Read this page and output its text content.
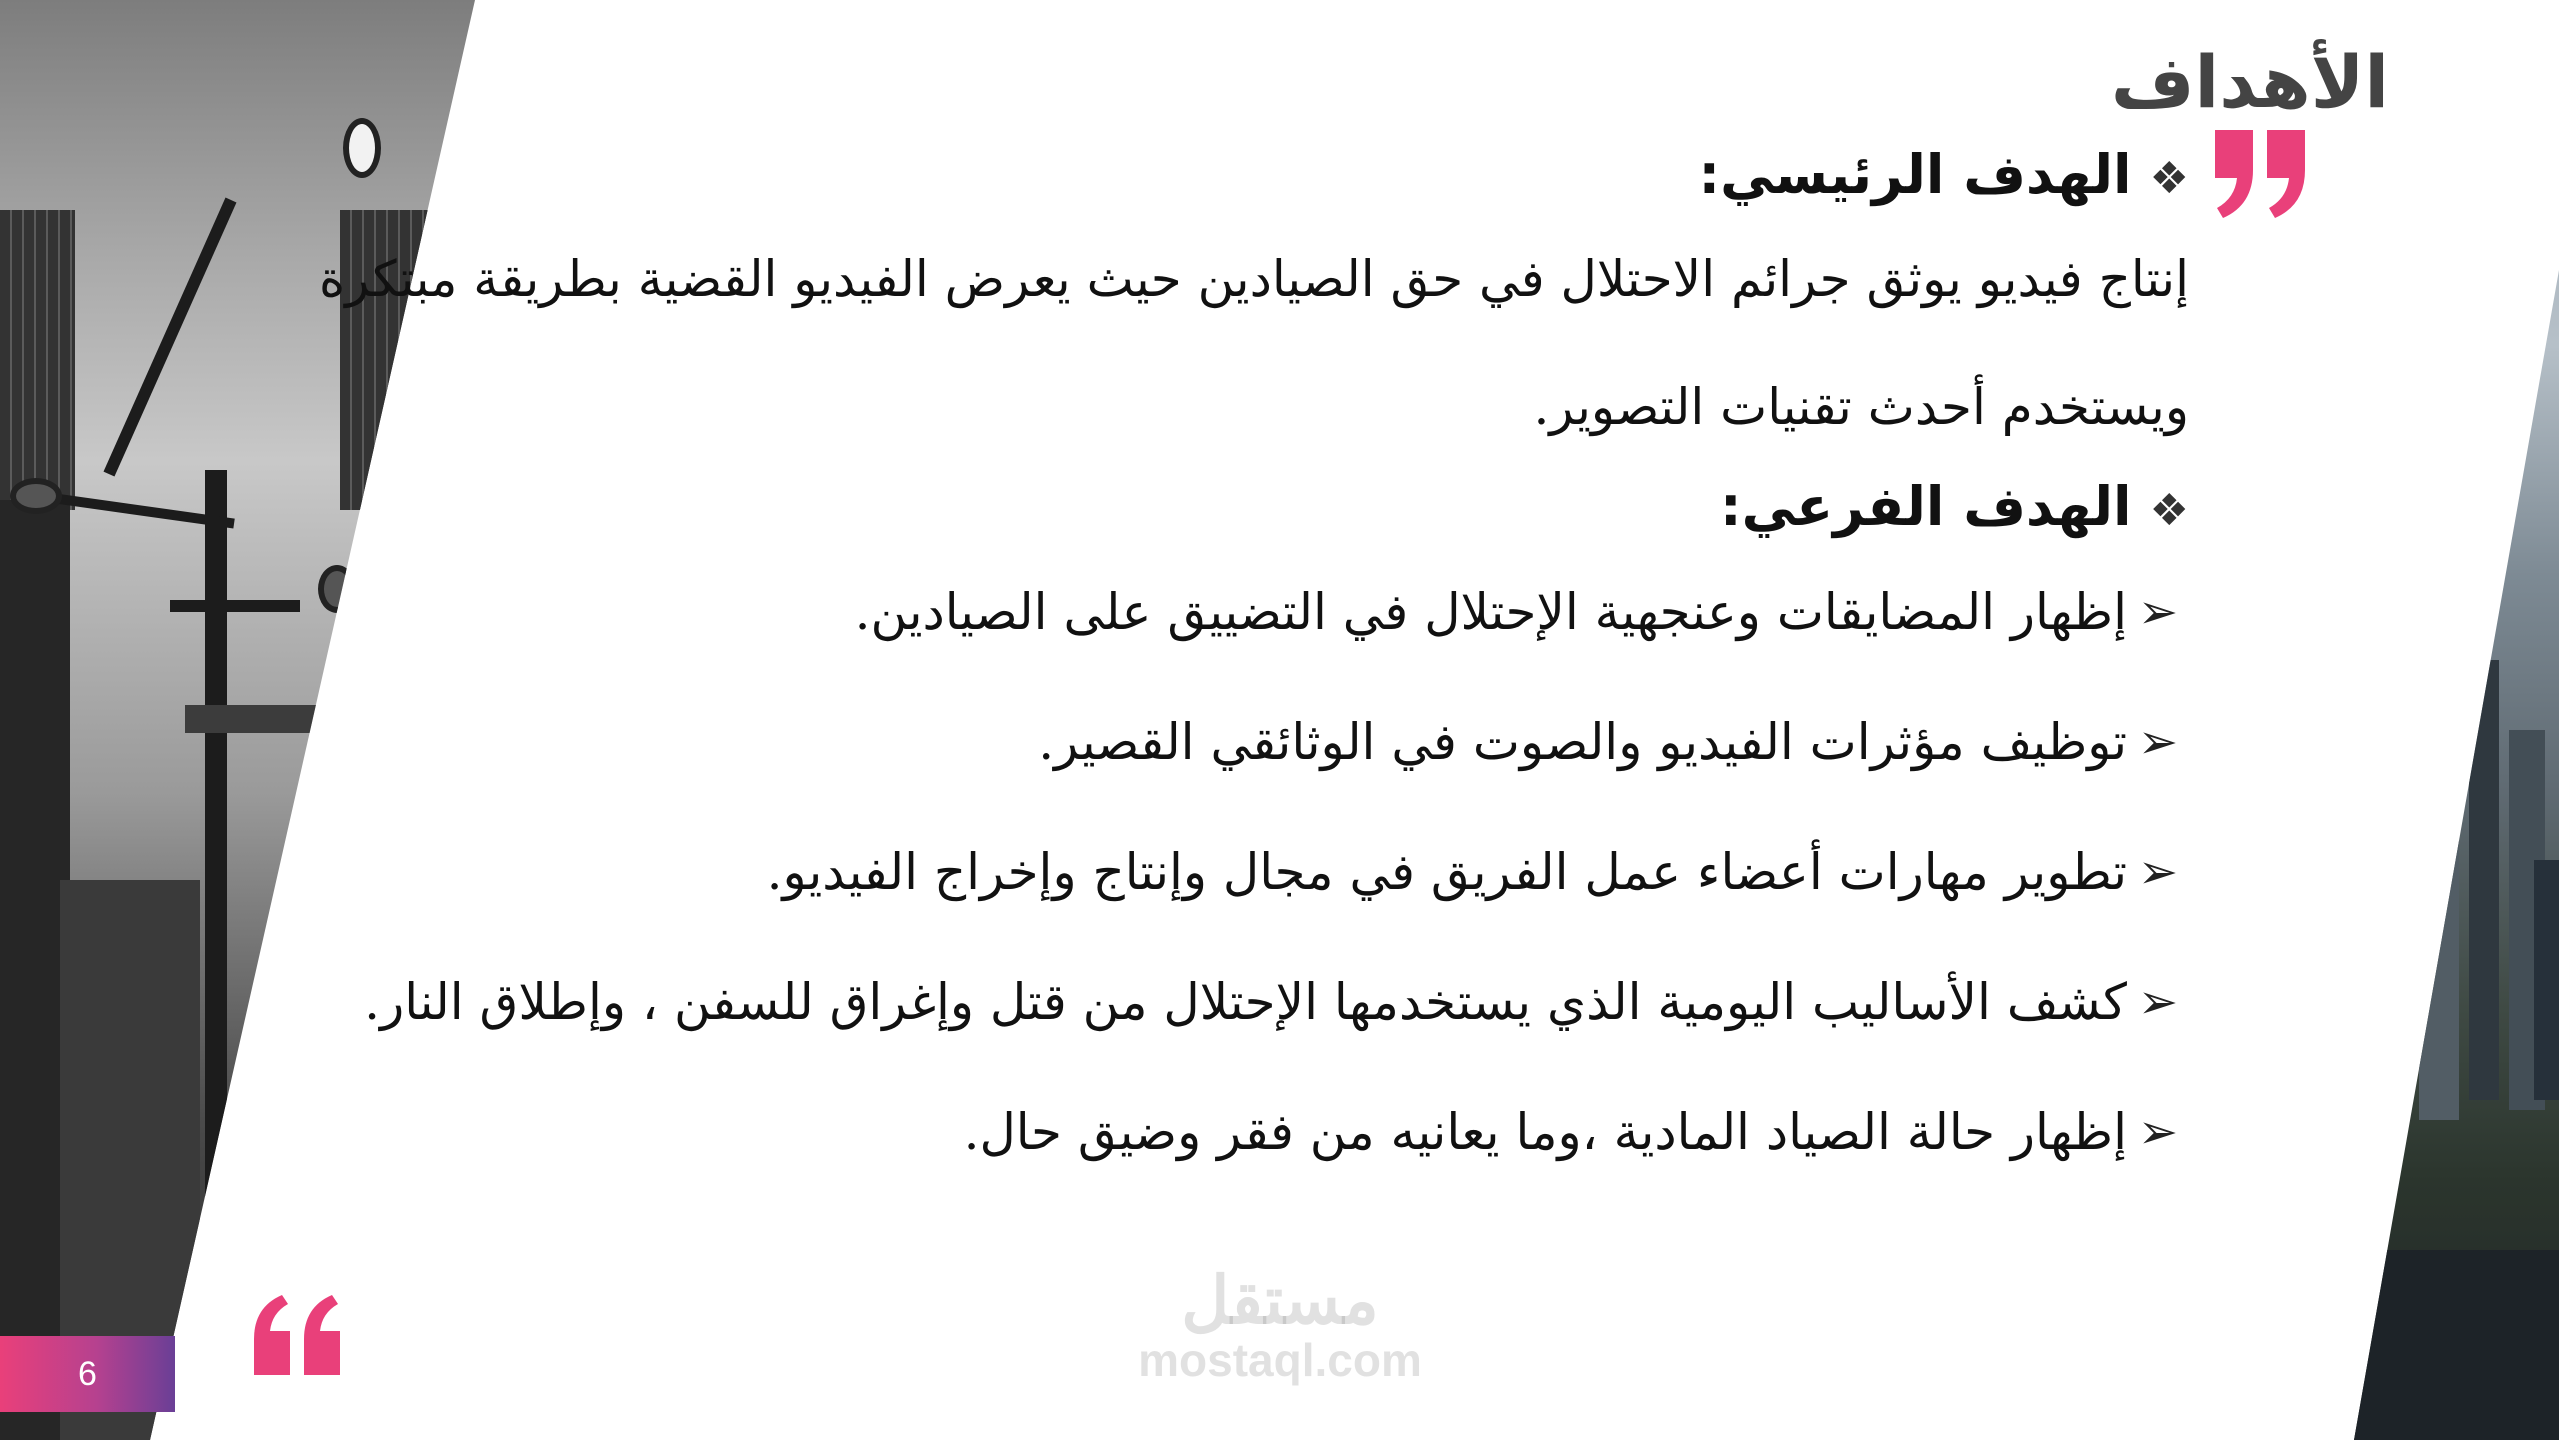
6
الأهداف
❖الهدف الرئيسي:

إنتاج فيديو يوثق جرائم الاحتلال في حق الصيادين حيث يعرض الفيديو القضية بطريقة مبتكرة ويستخدم أحدث تقنيات التصوير.

❖الهدف الفرعي:
➢
إظهار المضايقات وعنجهية الإحتلال في التضييق على الصيادين.
➢
توظيف مؤثرات الفيديو والصوت في الوثائقي القصير.
➢
تطوير مهارات أعضاء عمل الفريق في مجال وإنتاج وإخراج الفيديو.
➢
كشف الأساليب اليومية الذي يستخدمها الإحتلال من قتل وإغراق للسفن ، وإطلاق النار.
➢
إظهار حالة الصياد المادية ،وما يعانيه من فقر وضيق حال.
مستقل
mostaql.com
